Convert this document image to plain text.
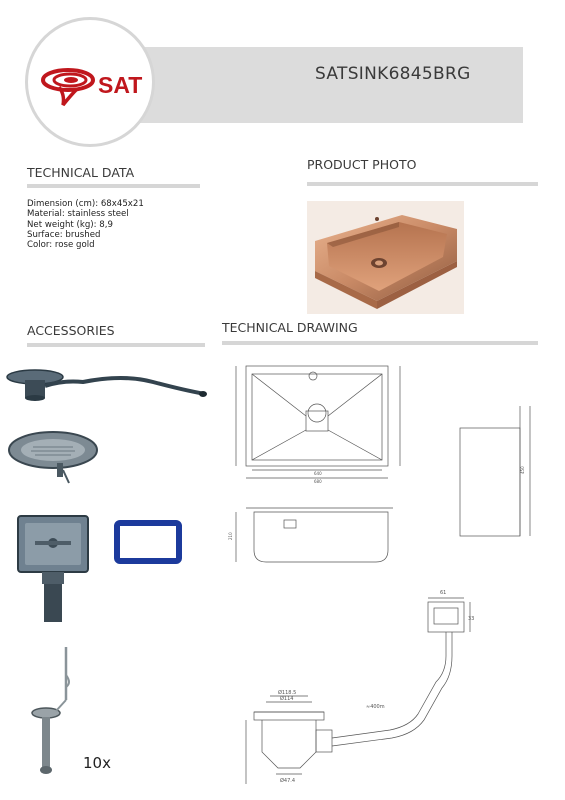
SAT	SATSINK6845BRG
TECHNICAL DATA
Dimension (cm): 68x45x21
Material: stainless steel
Net weight (kg): 8,9
Surface: brushed
Color: rose gold
PRODUCT PHOTO
ACCESSORIES
10x
TECHNICAL DRAWING
680
640	450
210
61
33
Ø118.5
Ø114
Ø47.4
≈400m
